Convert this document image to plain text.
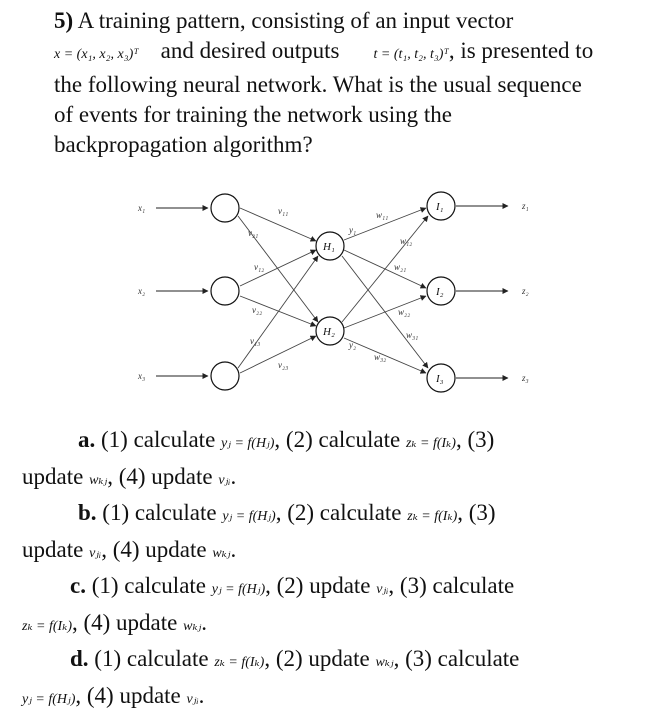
5) A training pattern, consisting of an input vector
x = (x₁, x₂, x₃)ᵀ and desired outputs t = (t₁, t₂, t₃)ᵀ, is presented to
the following neural network. What is the usual sequence
of events for training the network using the
backpropagation algorithm?
x₁
x₂
x₃
H₁
H₂
I₁
I₂
I₃
y₁
y₂
z₁
z₂
z₃
v₁₁
v₂₁
v₁₂
v₂₂
v₁₃
v₂₃
w₁₁
w₁₂
w₂₁
w₂₂
w₃₁
w₃₂
a. (1) calculate yⱼ = f(Hⱼ), (2) calculate zₖ = f(Iₖ), (3)
update wₖⱼ, (4) update vⱼᵢ.
b. (1) calculate yⱼ = f(Hⱼ), (2) calculate zₖ = f(Iₖ), (3)
update vⱼᵢ, (4) update wₖⱼ.
c. (1) calculate yⱼ = f(Hⱼ), (2) update vⱼᵢ, (3) calculate
zₖ = f(Iₖ), (4) update wₖⱼ.
d. (1) calculate zₖ = f(Iₖ), (2) update wₖⱼ, (3) calculate
yⱼ = f(Hⱼ), (4) update vⱼᵢ.
